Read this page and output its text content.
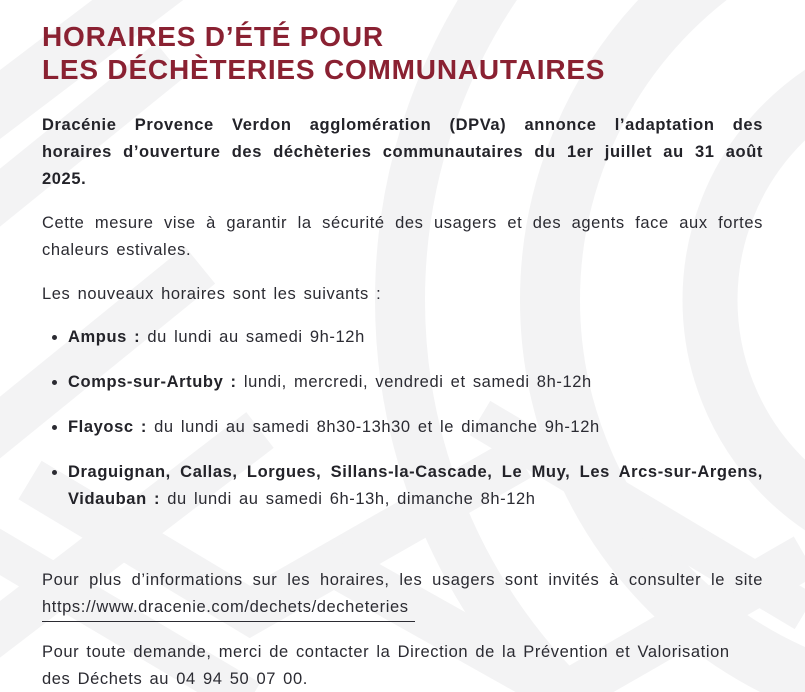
HORAIRES D’ÉTÉ POUR
LES DÉCHÈTERIES COMMUNAUTAIRES
Dracénie Provence Verdon agglomération (DPVa) annonce l’adaptation des
horaires d’ouverture des déchèteries communautaires du 1er juillet au 31 août
2025.
Cette mesure vise à garantir la sécurité des usagers et des agents face aux fortes
chaleurs estivales.
Les nouveaux horaires sont les suivants :
Ampus : du lundi au samedi 9h-12h
Comps-sur-Artuby : lundi, mercredi, vendredi et samedi 8h-12h
Flayosc : du lundi au samedi 8h30-13h30 et le dimanche 9h-12h
Draguignan, Callas, Lorgues, Sillans-la-Cascade, Le Muy, Les Arcs-sur-Argens,
Vidauban : du lundi au samedi 6h-13h, dimanche 8h-12h
Pour plus d’informations sur les horaires, les usagers sont invités à consulter le site
https://www.dracenie.com/dechets/decheteries
Pour toute demande, merci de contacter la Direction de la Prévention et Valorisation
des Déchets au 04 94 50 07 00.
